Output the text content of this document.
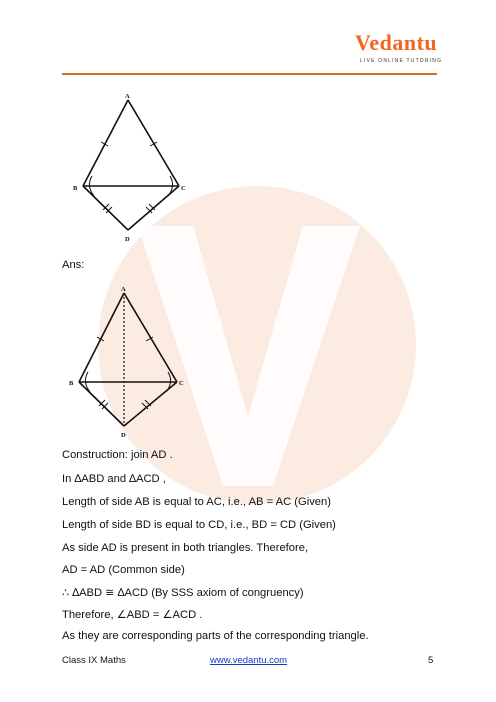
Vedantu
LIVE ONLINE TUTORING
A
B	C
D
Ans:
A
B	C
D
Construction: join AD .
In ∆ABD and ∆ACD ,
Length of side AB is equal to AC, i.e., AB = AC (Given)
Length of side BD is equal to CD, i.e., BD = CD (Given)
As side AD is present in both triangles. Therefore,
AD = AD (Common side)
∴ ∆ABD ≅ ∆ACD (By SSS axiom of congruency)
Therefore, ∠ABD = ∠ACD .
As they are corresponding parts of the corresponding triangle.
Class IX Maths	www.vedantu.com	5
